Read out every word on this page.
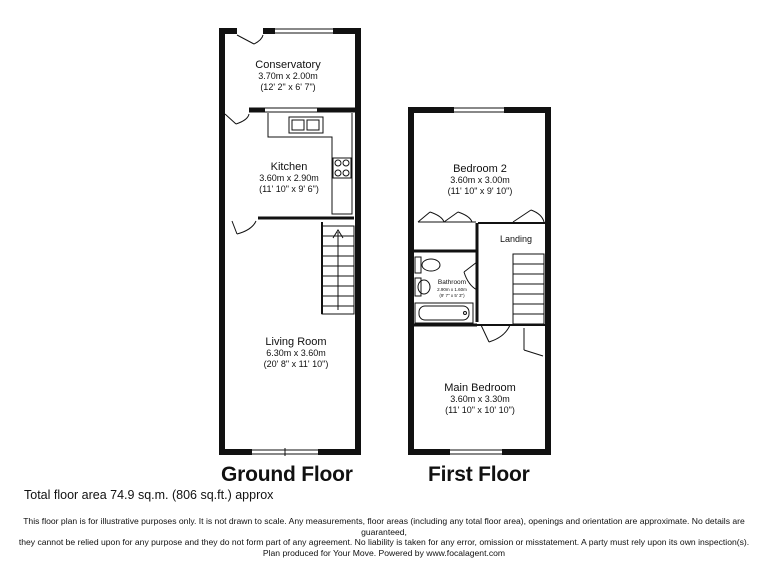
Conservatory
3.70m x 2.00m
(12' 2" x 6' 7")
Kitchen
3.60m x 2.90m
(11' 10" x 9' 6")
Living Room
6.30m x 3.60m
(20' 8" x 11' 10")
Bedroom 2
3.60m x 3.00m
(11' 10" x 9' 10")
Landing
Bathroom
2.90m x 1.60m
(9' 7" x 5' 3")
Main Bedroom
3.60m x 3.30m
(11' 10" x 10' 10")
Ground Floor	First Floor
Total floor area 74.9 sq.m. (806 sq.ft.) approx
This floor plan is for illustrative purposes only. It is not drawn to scale. Any measurements, floor areas (including any total floor area), openings and orientation are approximate. No details are guaranteed,
they cannot be relied upon for any purpose and they do not form part of any agreement. No liability is taken for any error, omission or misstatement. A party must rely upon its own inspection(s).
Plan produced for Your Move. Powered by www.focalagent.com
